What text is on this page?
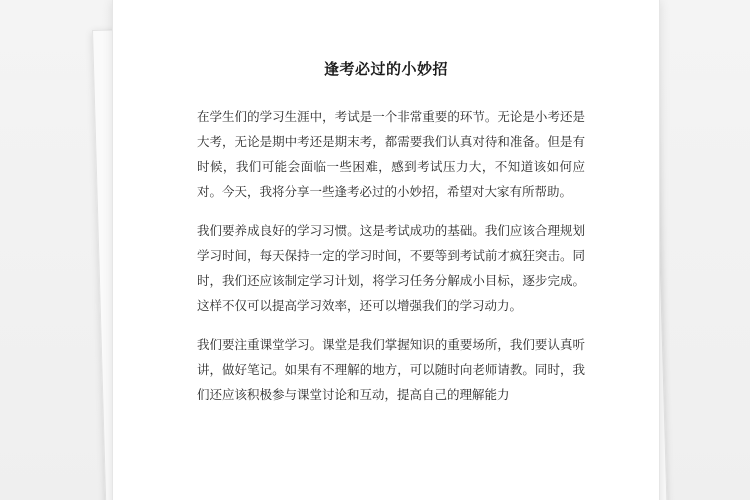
逢考必过的小妙招

在学生们的学习生涯中，考试是一个非常重要的环节。无论是小考还是大考，无论是期中考还是期末考，都需要我们认真对待和准备。但是有时候，我们可能会面临一些困难，感到考试压力大，不知道该如何应对。今天，我将分享一些逢考必过的小妙招，希望对大家有所帮助。

我们要养成良好的学习习惯。这是考试成功的基础。我们应该合理规划学习时间，每天保持一定的学习时间，不要等到考试前才疯狂突击。同时，我们还应该制定学习计划，将学习任务分解成小目标，逐步完成。这样不仅可以提高学习效率，还可以增强我们的学习动力。

我们要注重课堂学习。课堂是我们掌握知识的重要场所，我们要认真听讲，做好笔记。如果有不理解的地方，可以随时向老师请教。同时，我们还应该积极参与课堂讨论和互动，提高自己的理解能力
